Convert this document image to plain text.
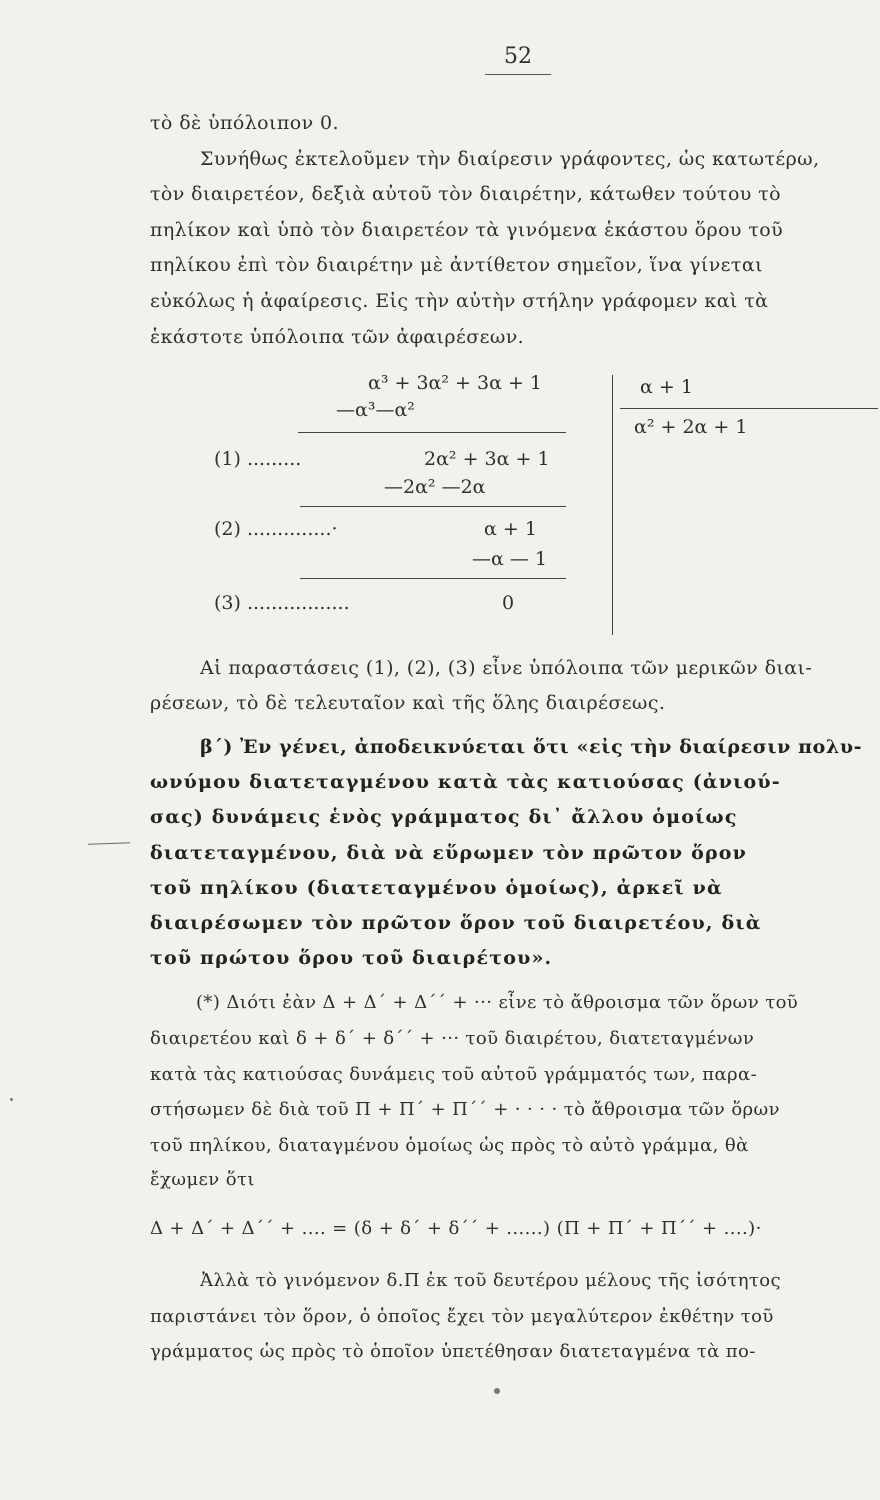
52
τὸ δὲ ὑπόλοιπον 0.
Συνήθως ἐκτελοῦμεν τὴν διαίρεσιν γράφοντες, ὡς κατωτέρω,
τὸν διαιρετέον, δεξιὰ αὐτοῦ τὸν διαιρέτην, κάτωθεν τούτου τὸ
πηλίκον καὶ ὑπὸ τὸν διαιρετέον τὰ γινόμενα ἑκάστου ὅρου τοῦ
πηλίκου ἐπὶ τὸν διαιρέτην μὲ ἀντίθετον σημεῖον, ἵνα γίνεται
εὐκόλως ἡ ἀφαίρεσις. Εἰς τὴν αὐτὴν στήλην γράφομεν καὶ τὰ
ἑκάστοτε ὑπόλοιπα τῶν ἀφαιρέσεων.
α³ + 3α² + 3α + 1
—α³—α²
(1) .........	2α² + 3α + 1
—2α² —2α
(2) ..............·	α + 1
—α — 1
(3) .................	0
α + 1
α² + 2α + 1
Αἱ παραστάσεις (1), (2), (3) εἶνε ὑπόλοιπα τῶν μερικῶν διαι-
ρέσεων, τὸ δὲ τελευταῖον καὶ τῆς ὅλης διαιρέσεως.
β΄) Ἐν γένει, ἀποδεικνύεται ὅτι «εἰς τὴν διαίρεσιν πολυ-
ωνύμου διατεταγμένου κατὰ τὰς κατιούσας (ἀνιού-
σας) δυνάμεις ἑνὸς γράμματος δι᾽ ἄλλου ὁμοίως
διατεταγμένου, διὰ νὰ εὕρωμεν τὸν πρῶτον ὅρον
τοῦ πηλίκου (διατεταγμένου ὁμοίως), ἀρκεῖ νὰ
διαιρέσωμεν τὸν πρῶτον ὅρον τοῦ διαιρετέου, διὰ
τοῦ πρώτου ὅρου τοῦ διαιρέτου».
(*) Διότι ἐὰν Δ + Δ΄ + Δ΄΄ + ··· εἶνε τὸ ἄθροισμα τῶν ὅρων τοῦ
διαιρετέου καὶ δ + δ΄ + δ΄΄ + ··· τοῦ διαιρέτου, διατεταγμένων
κατὰ τὰς κατιούσας δυνάμεις τοῦ αὐτοῦ γράμματός των, παρα-
στήσωμεν δὲ διὰ τοῦ Π + Π΄ + Π΄΄ + · · · · τὸ ἄθροισμα τῶν ὅρων
τοῦ πηλίκου, διαταγμένου ὁμοίως ὡς πρὸς τὸ αὐτὸ γράμμα, θὰ
ἔχωμεν ὅτι
Δ + Δ΄ + Δ΄΄ + .... = (δ + δ΄ + δ΄΄ + ......) (Π + Π΄ + Π΄΄ + ....)·
Ἀλλὰ τὸ γινόμενον δ.Π ἐκ τοῦ δευτέρου μέλους τῆς ἰσότητος
παριστάνει τὸν ὅρον, ὁ ὁποῖος ἔχει τὸν μεγαλύτερον ἐκθέτην τοῦ
γράμματος ὡς πρὸς τὸ ὁποῖον ὑπετέθησαν διατεταγμένα τὰ πο-
